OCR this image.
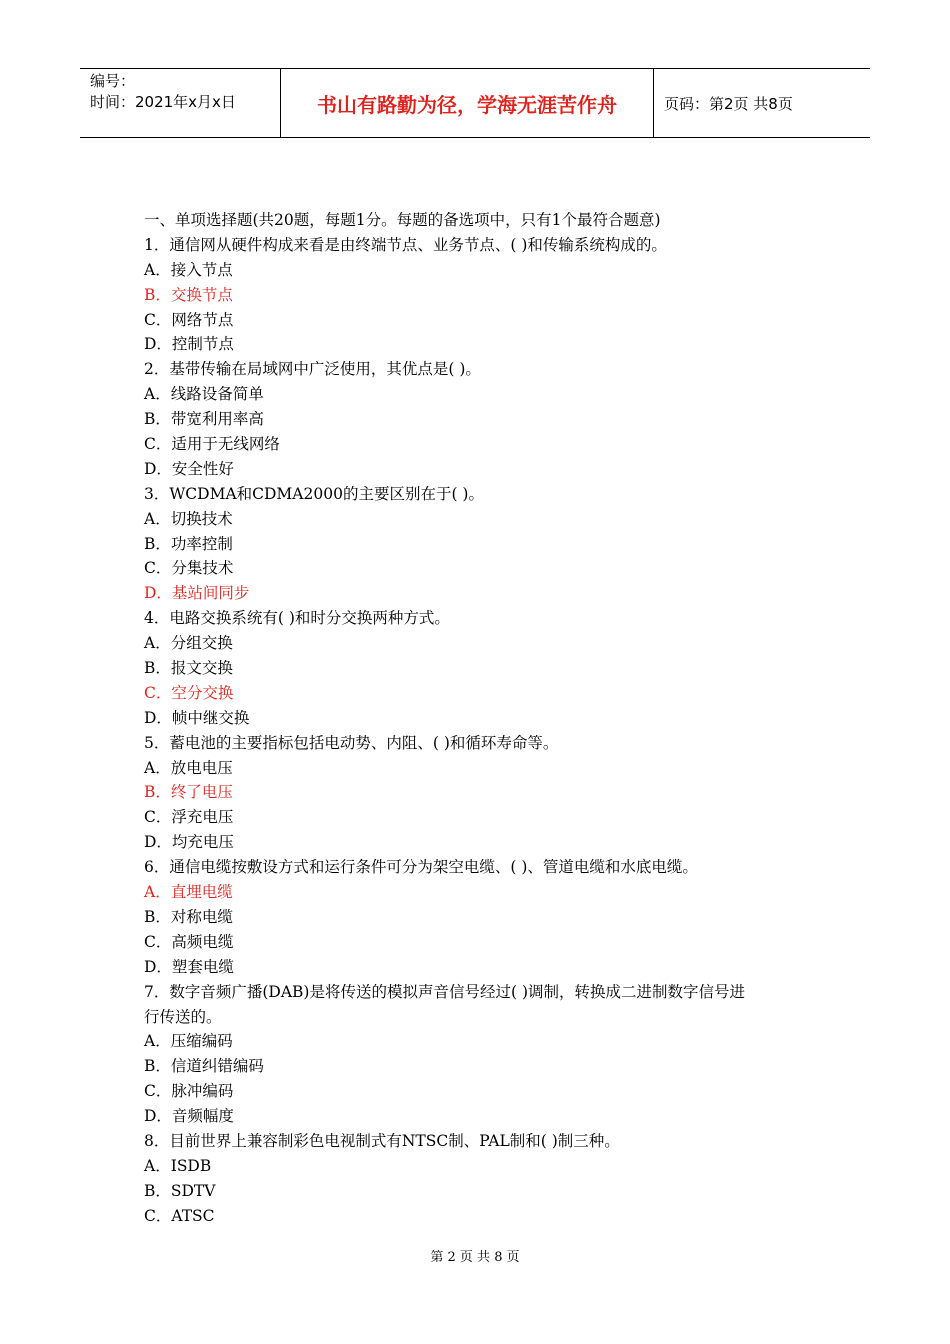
编号：
时间：2021年x月x日	书山有路勤为径，学海无涯苦作舟	页码：第2页 共8页
一、单项选择题(共20题，每题1分。每题的备选项中，只有1个最符合题意)
1．通信网从硬件构成来看是由终端节点、业务节点、( )和传输系统构成的。
A．接入节点
B．交换节点
C．网络节点
D．控制节点
2．基带传输在局域网中广泛使用，其优点是( )。
A．线路设备简单
B．带宽利用率高
C．适用于无线网络
D．安全性好
3．WCDMA和CDMA2000的主要区别在于( )。
A．切换技术
B．功率控制
C．分集技术
D．基站间同步
4．电路交换系统有( )和时分交换两种方式。
A．分组交换
B．报文交换
C．空分交换
D．帧中继交换
5．蓄电池的主要指标包括电动势、内阻、( )和循环寿命等。
A．放电电压
B．终了电压
C．浮充电压
D．均充电压
6．通信电缆按敷设方式和运行条件可分为架空电缆、( )、管道电缆和水底电缆。
A．直埋电缆
B．对称电缆
C．高频电缆
D．塑套电缆
7．数字音频广播(DAB)是将传送的模拟声音信号经过( )调制，转换成二进制数字信号进
行传送的。
A．压缩编码
B．信道纠错编码
C．脉冲编码
D．音频幅度
8．目前世界上兼容制彩色电视制式有NTSC制、PAL制和( )制三种。
A．ISDB
B．SDTV
C．ATSC
第 2 页 共 8 页
